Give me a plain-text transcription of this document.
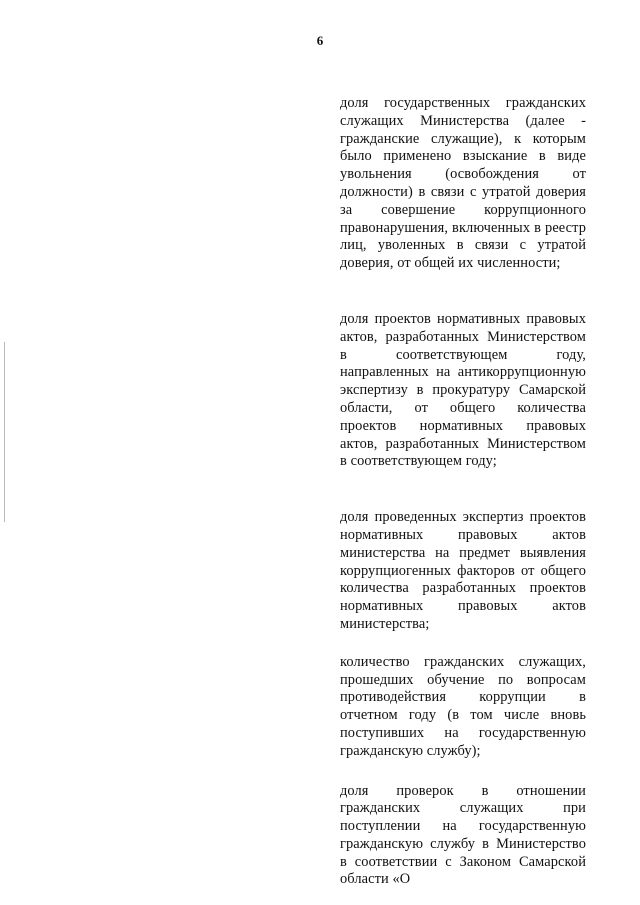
6

доля государственных гражданских служащих Министерства (далее - гражданские служащие), к которым было применено взыскание в виде увольнения (освобождения от должности) в связи с утратой доверия за совершение коррупционного правонарушения, включенных в реестр лиц, уволенных в связи с утратой доверия, от общей их численности;

доля проектов нормативных правовых актов, разработанных Министерством в соответствующем году, направленных на антикоррупционную экспертизу в прокуратуру Самарской области, от общего количества проектов нормативных правовых актов, разработанных Министерством в соответствующем году;

доля проведенных экспертиз проектов нормативных правовых актов министерства на предмет выявления коррупциогенных факторов от общего количества разработанных проектов нормативных правовых актов министерства;

количество гражданских служащих, прошедших обучение по вопросам противодействия коррупции в отчетном году (в том числе вновь поступивших на государственную гражданскую службу);

доля проверок в отношении гражданских служащих при поступлении на государственную гражданскую службу в Министерство в соответствии с Законом Самарской области «О
